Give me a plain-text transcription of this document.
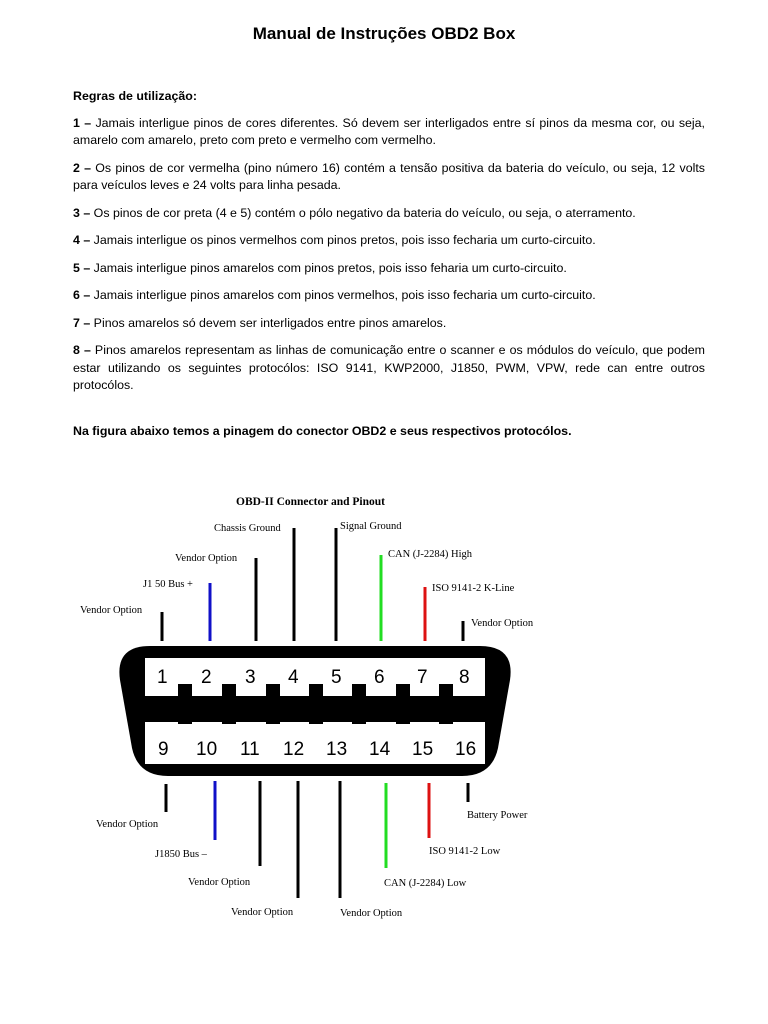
Manual de Instruções OBD2 Box

Regras de utilização:

1 – Jamais interligue pinos de cores diferentes. Só devem ser interligados entre sí pinos da mesma cor, ou seja, amarelo com amarelo, preto com preto e vermelho com vermelho.

2 – Os pinos de cor vermelha (pino número 16) contém a tensão positiva da bateria do veículo, ou seja, 12 volts para veículos leves e 24 volts para linha pesada.

3 – Os pinos de cor preta (4 e 5) contém o pólo negativo da bateria do veículo, ou seja, o aterramento.

4 – Jamais interligue os pinos vermelhos com pinos pretos, pois isso fecharia um curto-circuito.

5 – Jamais interligue pinos amarelos com pinos pretos, pois isso feharia um curto-circuito.

6 – Jamais interligue pinos amarelos com pinos vermelhos, pois isso fecharia um curto-circuito.

7 – Pinos amarelos só devem ser interligados entre pinos amarelos.

8 – Pinos amarelos representam as linhas de comunicação entre o scanner e os módulos do veículo, que podem estar utilizando os seguintes protocólos: ISO 9141, KWP2000, J1850, PWM, VPW, rede can entre outros protocólos.

Na figura abaixo temos a pinagem do conector OBD2 e seus respectivos protocólos.

OBD-II Connector and Pinout
Vendor Option
J1 50 Bus +
Vendor Option
Chassis Ground	Signal Ground
CAN (J-2284) High
ISO 9141-2 K-Line
Vendor Option
1 2 3 4 5 6 7 8
9 10 11 12 13 14 15 16
Vendor Option
J1850 Bus –
Vendor Option
Vendor Option	Vendor Option
CAN (J-2284) Low
ISO 9141-2 Low
Battery Power
